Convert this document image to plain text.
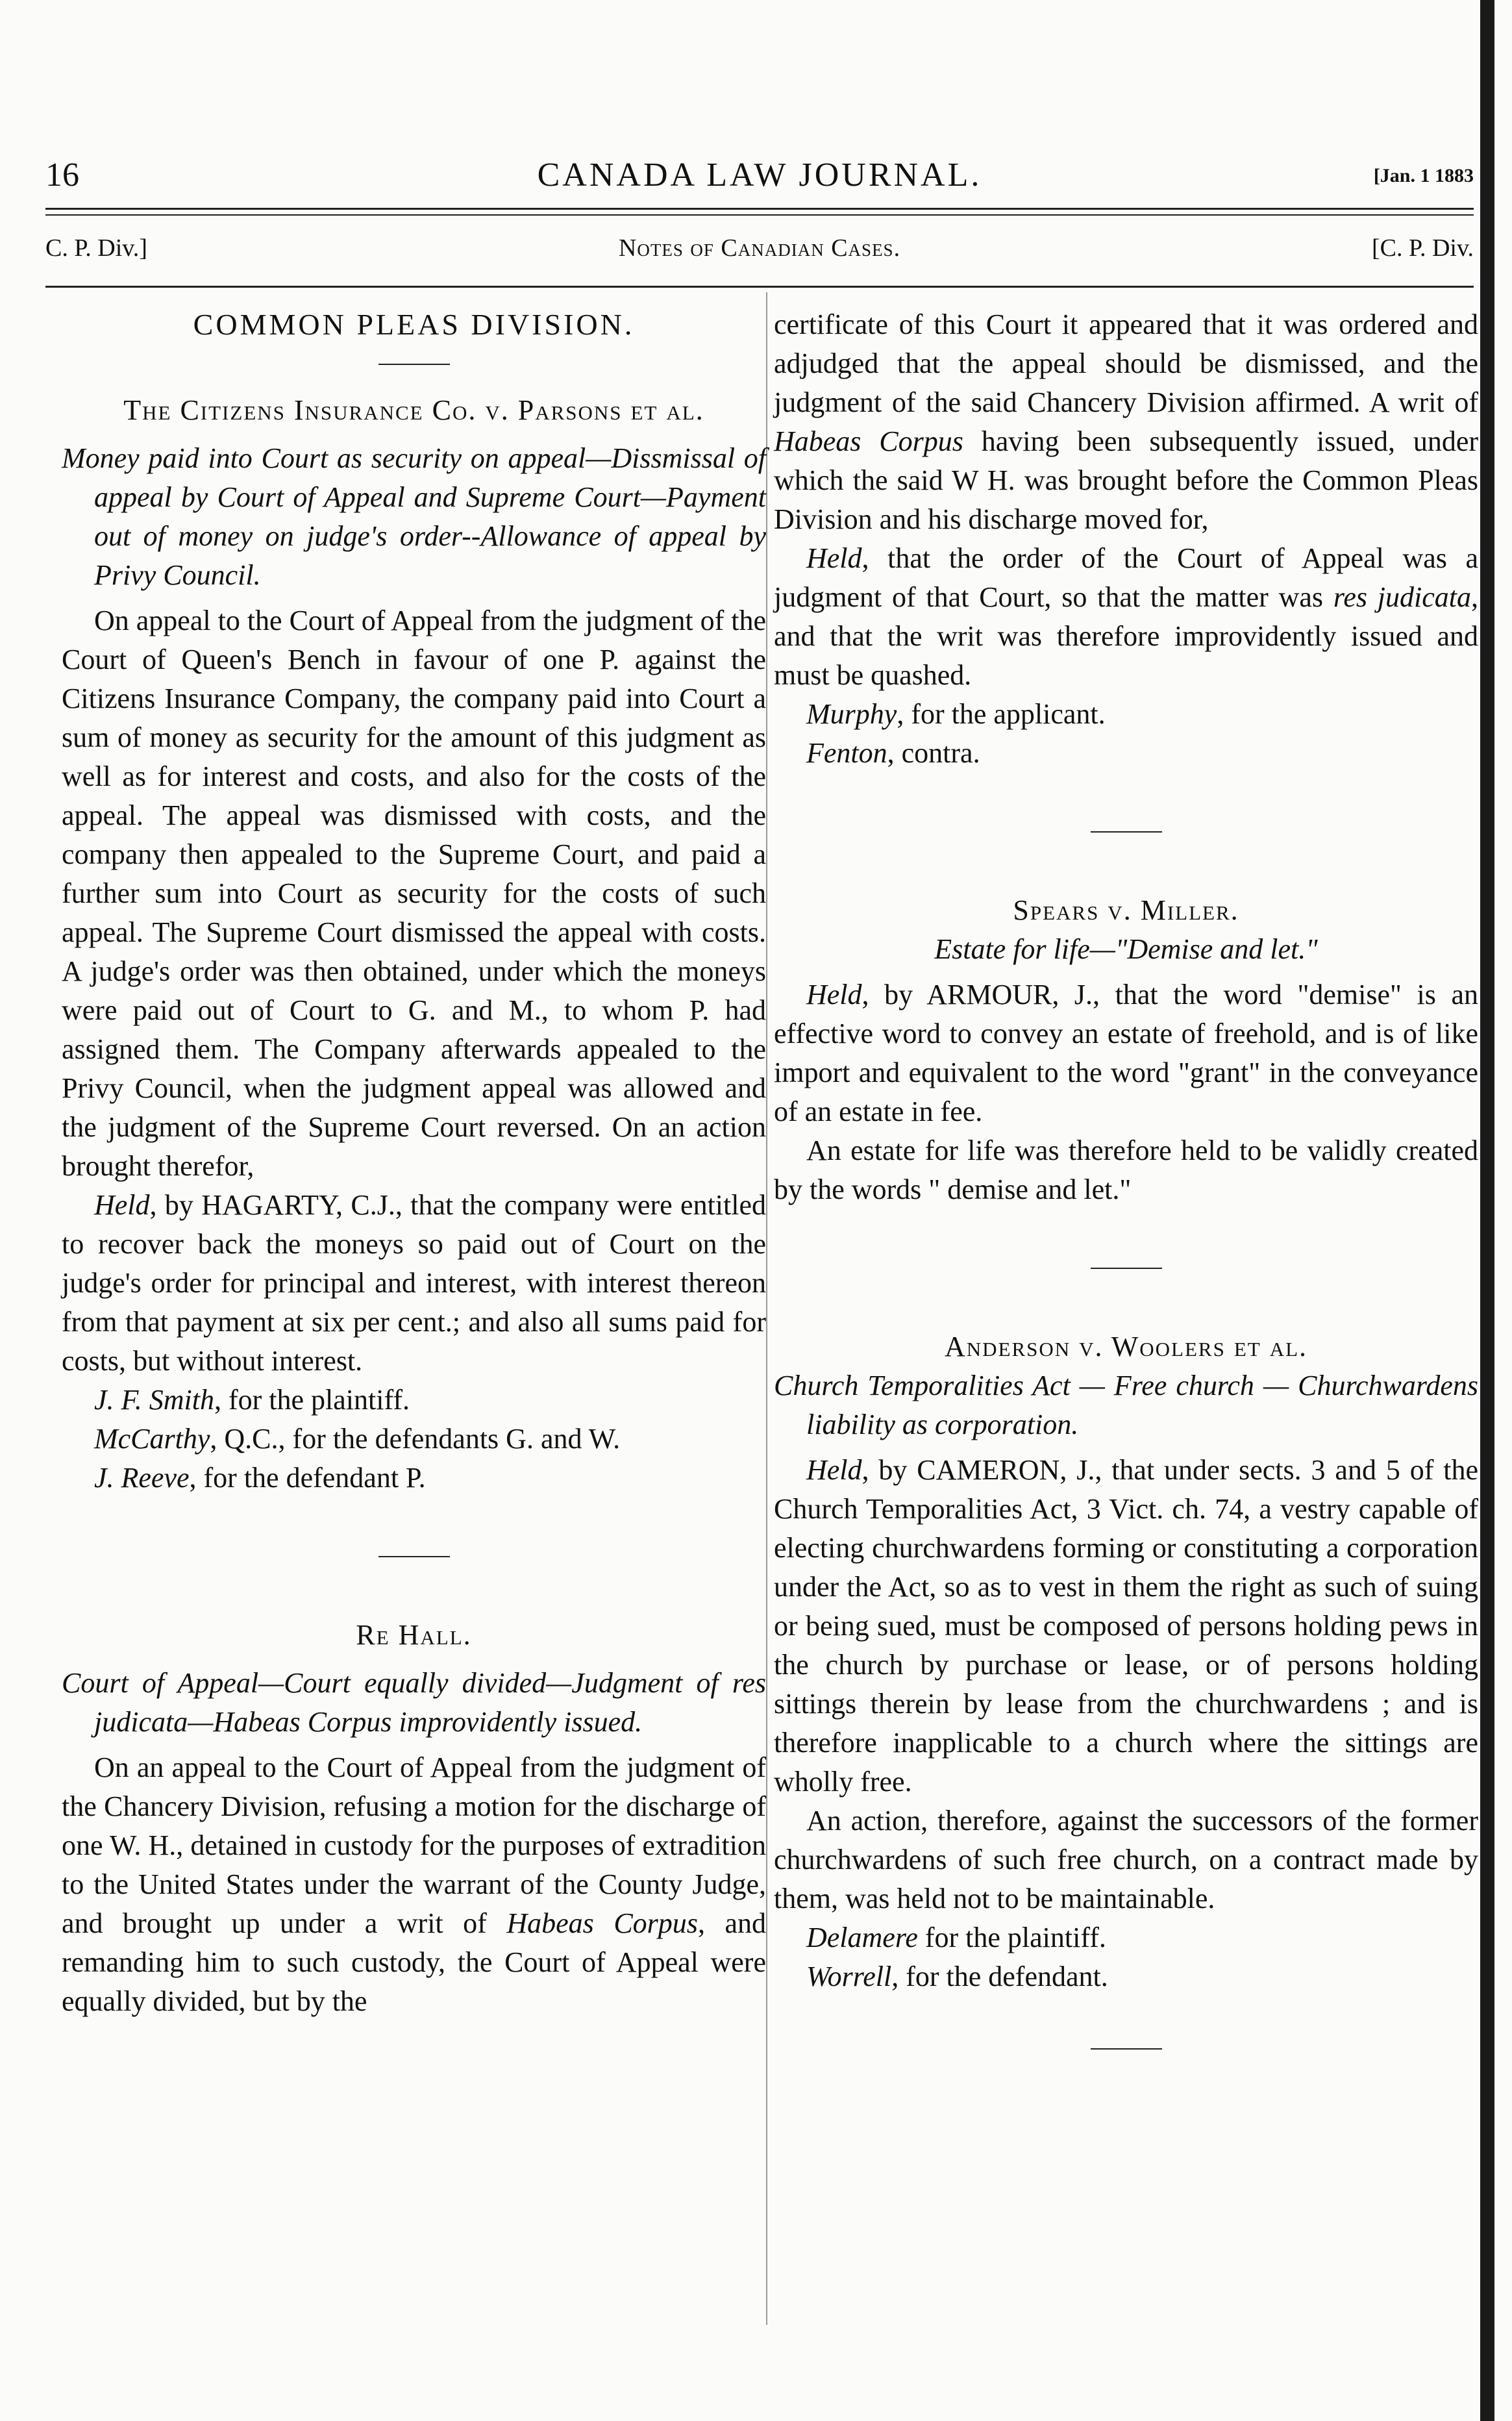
16	CANADA LAW JOURNAL.	[Jan. 1 1883
C. P. Div.]	Notes of Canadian Cases.	[C. P. Div.

COMMON PLEAS DIVISION.

The Citizens Insurance Co. v. Parsons et al.

Money paid into Court as security on appeal—Dissmissal of appeal by Court of Appeal and Supreme Court—Payment out of money on judge's order--Allowance of appeal by Privy Council.

On appeal to the Court of Appeal from the judgment of the Court of Queen's Bench in favour of one P. against the Citizens Insurance Company, the company paid into Court a sum of money as security for the amount of this judgment as well as for interest and costs, and also for the costs of the appeal. The appeal was dismissed with costs, and the company then appealed to the Supreme Court, and paid a further sum into Court as security for the costs of such appeal. The Supreme Court dismissed the appeal with costs. A judge's order was then obtained, under which the moneys were paid out of Court to G. and M., to whom P. had assigned them. The Company afterwards appealed to the Privy Council, when the judgment appeal was allowed and the judgment of the Supreme Court reversed. On an action brought therefor,

Held, by HAGARTY, C.J., that the company were entitled to recover back the moneys so paid out of Court on the judge's order for principal and interest, with interest thereon from that payment at six per cent.; and also all sums paid for costs, but without interest.

J. F. Smith, for the plaintiff.

McCarthy, Q.C., for the defendants G. and W.

J. Reeve, for the defendant P.

Re Hall.

Court of Appeal—Court equally divided—Judgment of res judicata—Habeas Corpus improvidently issued.

On an appeal to the Court of Appeal from the judgment of the Chancery Division, refusing a motion for the discharge of one W. H., detained in custody for the purposes of extradition to the United States under the warrant of the County Judge, and brought up under a writ of Habeas Corpus, and remanding him to such custody, the Court of Appeal were equally divided, but by the

certificate of this Court it appeared that it was ordered and adjudged that the appeal should be dismissed, and the judgment of the said Chancery Division affirmed. A writ of Habeas Corpus having been subsequently issued, under which the said W H. was brought before the Common Pleas Division and his discharge moved for,

Held, that the order of the Court of Appeal was a judgment of that Court, so that the matter was res judicata, and that the writ was therefore improvidently issued and must be quashed.

Murphy, for the applicant.

Fenton, contra.

Spears v. Miller.

Estate for life—"Demise and let."

Held, by ARMOUR, J., that the word "demise" is an effective word to convey an estate of freehold, and is of like import and equivalent to the word "grant" in the conveyance of an estate in fee.

An estate for life was therefore held to be validly created by the words " demise and let."

Anderson v. Woolers et al.

Church Temporalities Act — Free church — Churchwardens liability as corporation.

Held, by CAMERON, J., that under sects. 3 and 5 of the Church Temporalities Act, 3 Vict. ch. 74, a vestry capable of electing churchwardens forming or constituting a corporation under the Act, so as to vest in them the right as such of suing or being sued, must be composed of persons holding pews in the church by purchase or lease, or of persons holding sittings therein by lease from the churchwardens ; and is therefore inapplicable to a church where the sittings are wholly free.

An action, therefore, against the successors of the former churchwardens of such free church, on a contract made by them, was held not to be maintainable.

Delamere for the plaintiff.

Worrell, for the defendant.
